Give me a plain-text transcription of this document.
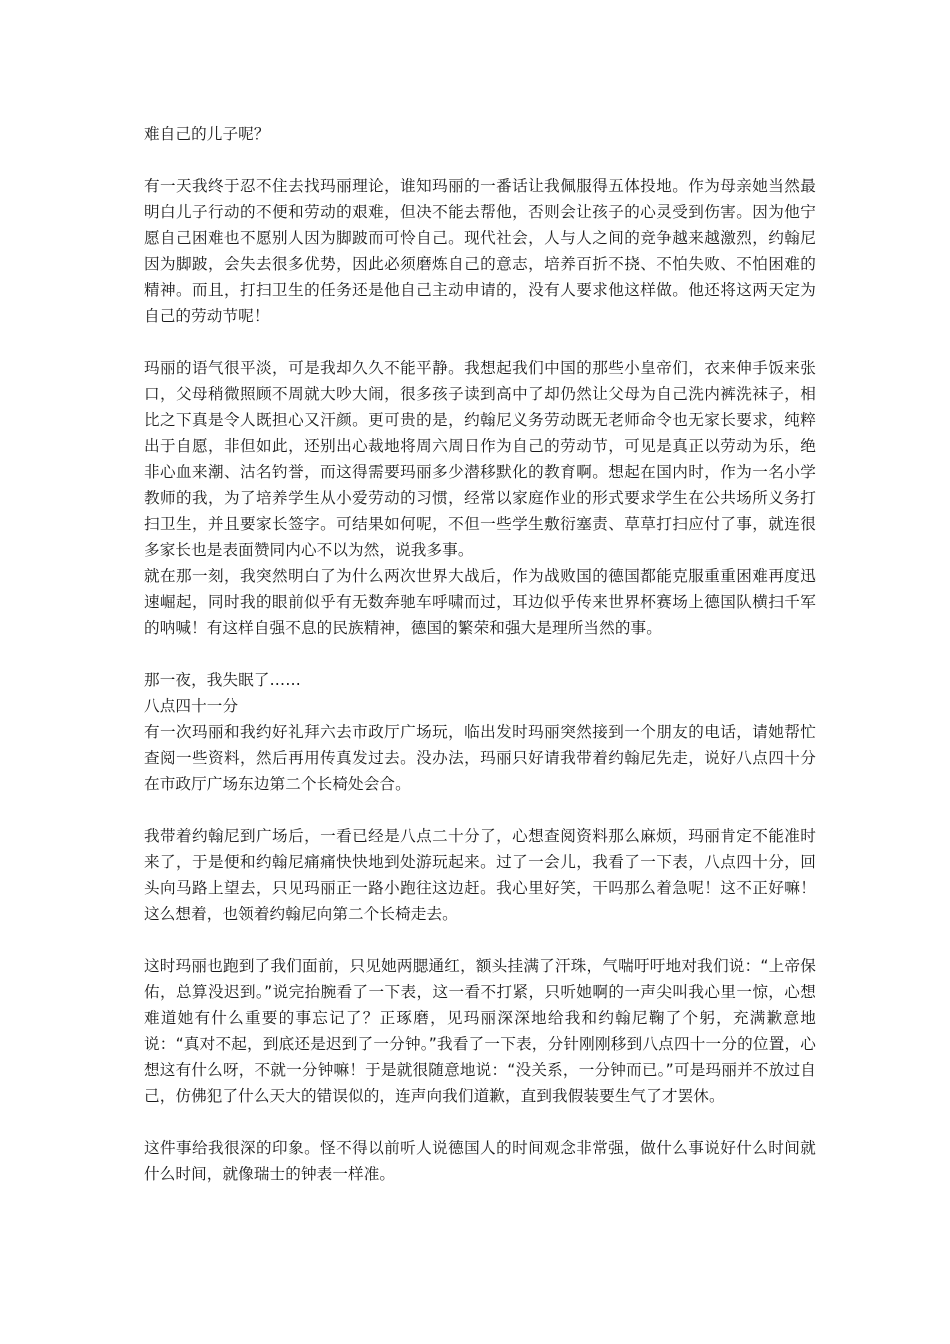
难自己的儿子呢？

有一天我终于忍不住去找玛丽理论，谁知玛丽的一番话让我佩服得五体投地。作为母亲她当然最明白儿子行动的不便和劳动的艰难，但决不能去帮他，否则会让孩子的心灵受到伤害。因为他宁愿自己困难也不愿别人因为脚跛而可怜自己。现代社会，人与人之间的竞争越来越激烈，约翰尼因为脚跛，会失去很多优势，因此必须磨炼自己的意志，培养百折不挠、不怕失败、不怕困难的精神。而且，打扫卫生的任务还是他自己主动申请的，没有人要求他这样做。他还将这两天定为自己的劳动节呢！

玛丽的语气很平淡，可是我却久久不能平静。我想起我们中国的那些小皇帝们，衣来伸手饭来张口，父母稍微照顾不周就大吵大闹，很多孩子读到高中了却仍然让父母为自己洗内裤洗袜子，相比之下真是令人既担心又汗颜。更可贵的是，约翰尼义务劳动既无老师命令也无家长要求，纯粹出于自愿，非但如此，还别出心裁地将周六周日作为自己的劳动节，可见是真正以劳动为乐，绝非心血来潮、沽名钓誉，而这得需要玛丽多少潜移默化的教育啊。想起在国内时，作为一名小学教师的我，为了培养学生从小爱劳动的习惯，经常以家庭作业的形式要求学生在公共场所义务打扫卫生，并且要家长签字。可结果如何呢，不但一些学生敷衍塞责、草草打扫应付了事，就连很多家长也是表面赞同内心不以为然，说我多事。

就在那一刻，我突然明白了为什么两次世界大战后，作为战败国的德国都能克服重重困难再度迅速崛起，同时我的眼前似乎有无数奔驰车呼啸而过，耳边似乎传来世界杯赛场上德国队横扫千军的呐喊！有这样自强不息的民族精神，德国的繁荣和强大是理所当然的事。

那一夜，我失眠了……

八点四十一分

有一次玛丽和我约好礼拜六去市政厅广场玩，临出发时玛丽突然接到一个朋友的电话，请她帮忙查阅一些资料，然后再用传真发过去。没办法，玛丽只好请我带着约翰尼先走，说好八点四十分在市政厅广场东边第二个长椅处会合。

我带着约翰尼到广场后，一看已经是八点二十分了，心想查阅资料那么麻烦，玛丽肯定不能准时来了，于是便和约翰尼痛痛快快地到处游玩起来。过了一会儿，我看了一下表，八点四十分，回头向马路上望去，只见玛丽正一路小跑往这边赶。我心里好笑，干吗那么着急呢！这不正好嘛！这么想着，也领着约翰尼向第二个长椅走去。

这时玛丽也跑到了我们面前，只见她两腮通红，额头挂满了汗珠，气喘吁吁地对我们说：“上帝保佑，总算没迟到。”说完抬腕看了一下表，这一看不打紧，只听她啊的一声尖叫我心里一惊，心想难道她有什么重要的事忘记了？正琢磨，见玛丽深深地给我和约翰尼鞠了个躬，充满歉意地说：“真对不起，到底还是迟到了一分钟。”我看了一下表，分针刚刚移到八点四十一分的位置，心想这有什么呀，不就一分钟嘛！于是就很随意地说：“没关系，一分钟而已。”可是玛丽并不放过自己，仿佛犯了什么天大的错误似的，连声向我们道歉，直到我假装要生气了才罢休。

这件事给我很深的印象。怪不得以前听人说德国人的时间观念非常强，做什么事说好什么时间就什么时间，就像瑞士的钟表一样准。
